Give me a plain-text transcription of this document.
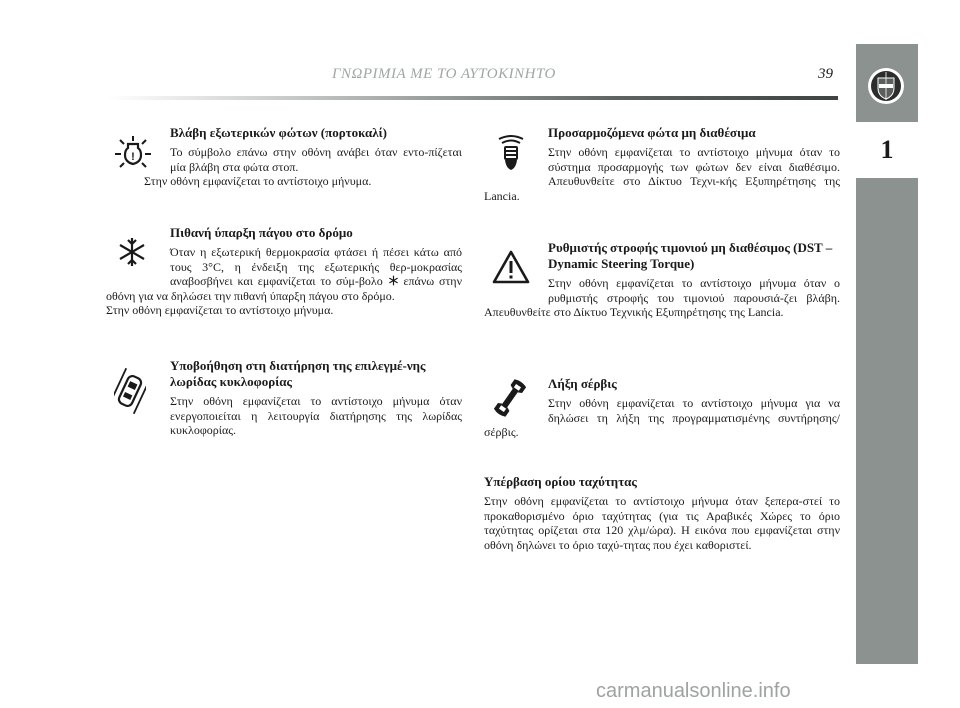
1
ΓΝΩΡΙΜΙΑ ΜΕ ΤΟ ΑΥΤΟΚΙΝΗΤΟ	39
!
Βλάβη εξωτερικών φώτων (πορτοκαλί)

Το σύμβολο επάνω στην οθόνη ανάβει όταν εντο-πίζεται μία βλάβη στα φώτα στοπ.

Στην οθόνη εμφανίζεται το αντίστοιχο μήνυμα.

Πιθανή ύπαρξη πάγου στο δρόμο

Όταν η εξωτερική θερμοκρασία φτάσει ή πέσει κάτω από τους 3°C, η ένδειξη της εξωτερικής θερ-μοκρασίας αναβοσβήνει και εμφανίζεται το σύμ-βολο επάνω στην οθόνη για να δηλώσει την πιθανή ύπαρξη πάγου στο δρόμο.

Στην οθόνη εμφανίζεται το αντίστοιχο μήνυμα.

Υποβοήθηση στη διατήρηση της επιλεγμέ-νης λωρίδας κυκλοφορίας

Στην οθόνη εμφανίζεται το αντίστοιχο μήνυμα όταν ενεργοποιείται η λειτουργία διατήρησης της λωρίδας κυκλοφορίας.

Προσαρμοζόμενα φώτα μη διαθέσιμα

Στην οθόνη εμφανίζεται το αντίστοιχο μήνυμα όταν το σύστημα προσαρμογής των φώτων δεν είναι διαθέσιμο. Απευθυνθείτε στο Δίκτυο Τεχνι-κής Εξυπηρέτησης της Lancia.

Ρυθμιστής στροφής τιμονιού μη διαθέσιμος (DST – Dynamic Steering Torque)

Στην οθόνη εμφανίζεται το αντίστοιχο μήνυμα όταν ο ρυθμιστής στροφής του τιμονιού παρουσιά-ζει βλάβη. Απευθυνθείτε στο Δίκτυο Τεχνικής Εξυπηρέτησης της Lancia.

Λήξη σέρβις

Στην οθόνη εμφανίζεται το αντίστοιχο μήνυμα για να δηλώσει τη λήξη της προγραμματισμένης συντήρησης/σέρβις.

Υπέρβαση ορίου ταχύτητας

Στην οθόνη εμφανίζεται το αντίστοιχο μήνυμα όταν ξεπερα-στεί το προκαθορισμένο όριο ταχύτητας (για τις Αραβικές Χώρες το όριο ταχύτητας ορίζεται στα 120 χλμ/ώρα). Η εικόνα που εμφανίζεται στην οθόνη δηλώνει το όριο ταχύ-τητας που έχει καθοριστεί.

carmanualsonline.info
